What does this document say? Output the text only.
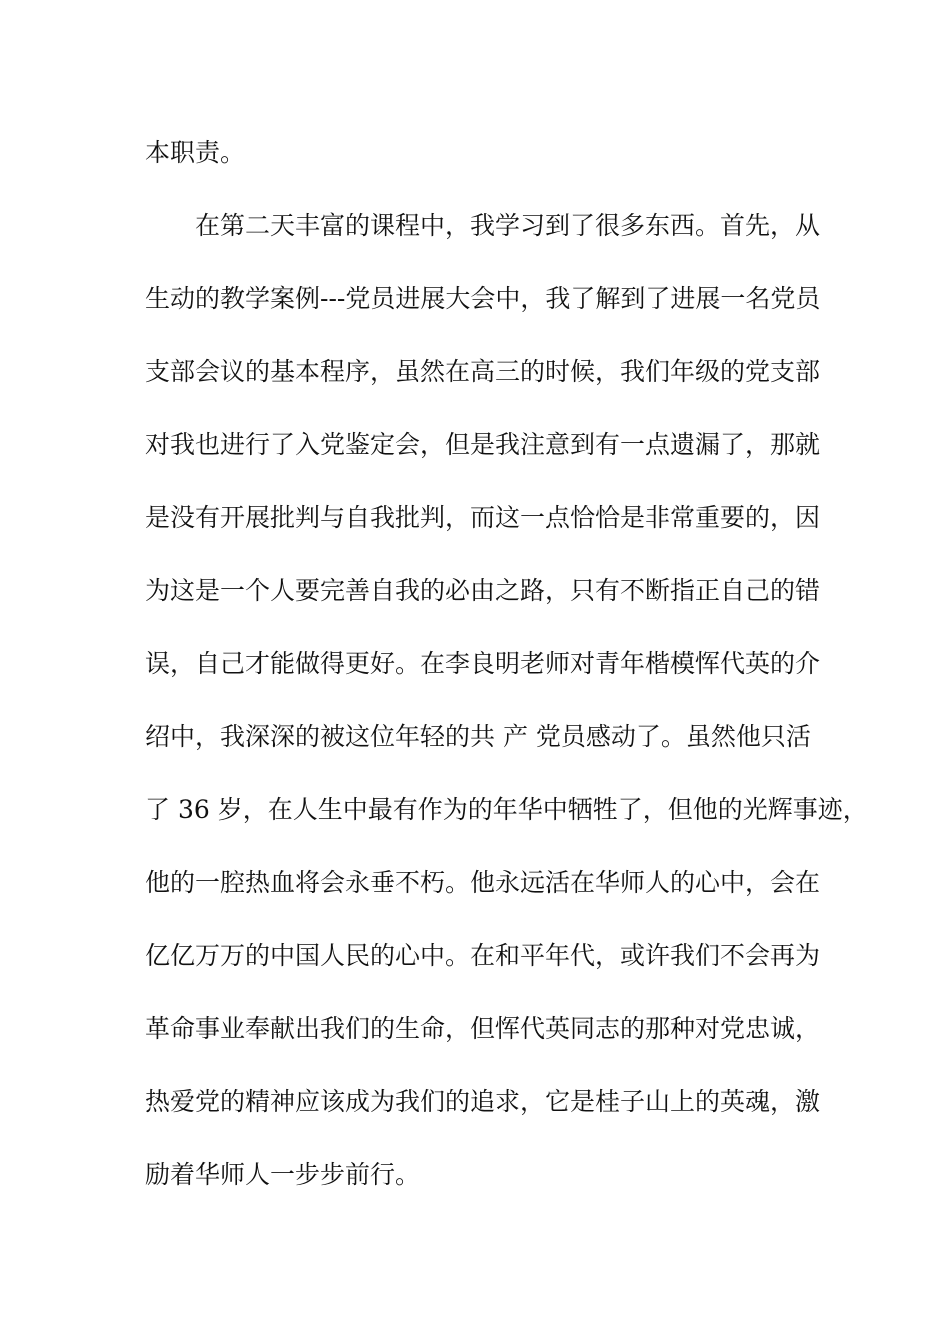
本职责。
在第二天丰富的课程中，我学习到了很多东西。首先，从
生动的教学案例---党员进展大会中，我了解到了进展一名党员
支部会议的基本程序，虽然在高三的时候，我们年级的党支部
对我也进行了入党鉴定会，但是我注意到有一点遗漏了，那就
是没有开展批判与自我批判，而这一点恰恰是非常重要的，因
为这是一个人要完善自我的必由之路，只有不断指正自己的错
误，自己才能做得更好。在李良明老师对青年楷模恽代英的介
绍中，我深深的被这位年轻的共 产 党员感动了。虽然他只活
了 36 岁，在人生中最有作为的年华中牺牲了，但他的光辉事迹，
他的一腔热血将会永垂不朽。他永远活在华师人的心中，会在
亿亿万万的中国人民的心中。在和平年代，或许我们不会再为
革命事业奉献出我们的生命，但恽代英同志的那种对党忠诚，
热爱党的精神应该成为我们的追求，它是桂子山上的英魂，激
励着华师人一步步前行。
